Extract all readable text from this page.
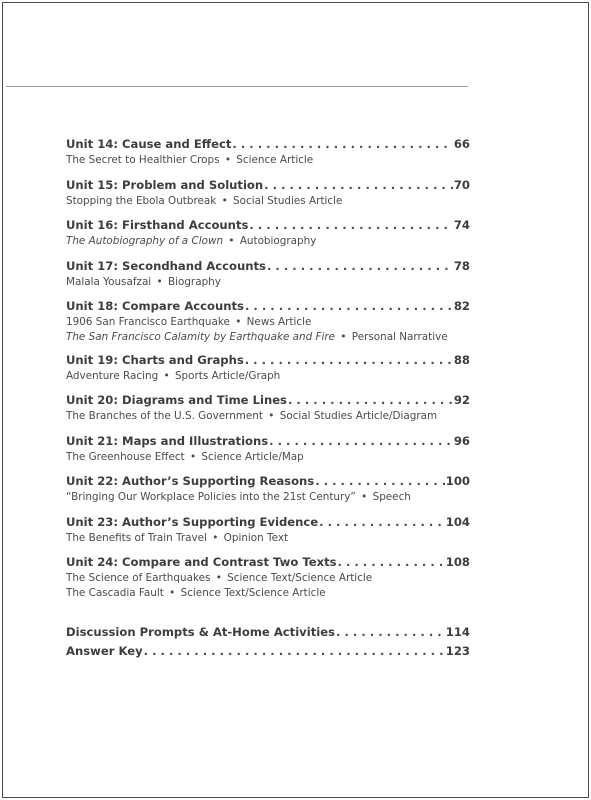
Unit 14: Cause and Effect . . .	66
The Secret to Healthier Crops • Science Article
Unit 15: Problem and Solution . . .	70
Stopping the Ebola Outbreak • Social Studies Article
Unit 16: Firsthand Accounts . . .	74
The Autobiography of a Clown • Autobiography
Unit 17: Secondhand Accounts . . .	78
Malala Yousafzai • Biography
Unit 18: Compare Accounts . . .	82
1906 San Francisco Earthquake • News Article
The San Francisco Calamity by Earthquake and Fire • Personal Narrative
Unit 19: Charts and Graphs . . .	88
Adventure Racing • Sports Article/Graph
Unit 20: Diagrams and Time Lines . . .	92
The Branches of the U.S. Government • Social Studies Article/Diagram
Unit 21: Maps and Illustrations . . .	96
The Greenhouse Effect • Science Article/Map
Unit 22: Author’s Supporting Reasons . . .	100
“Bringing Our Workplace Policies into the 21st Century” • Speech
Unit 23: Author’s Supporting Evidence . . .	104
The Benefits of Train Travel • Opinion Text
Unit 24: Compare and Contrast Two Texts . . .	108
The Science of Earthquakes • Science Text/Science Article
The Cascadia Fault • Science Text/Science Article
Discussion Prompts & At-Home Activities . . .	114
Answer Key . . .	123
